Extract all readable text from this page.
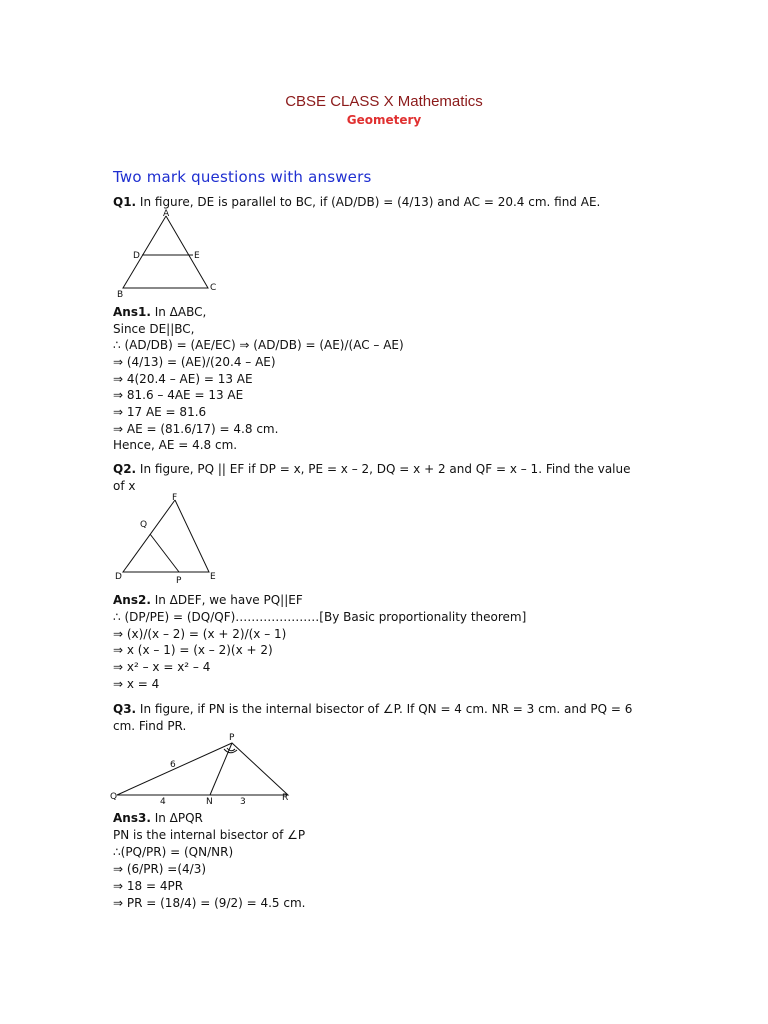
CBSE CLASS X Mathematics
Geometery
Two mark questions with answers
Q1. In figure, DE is parallel to BC, if (AD/DB) = (4/13) and AC = 20.4 cm. find AE.
A
D	E
B
C
Ans1. In ΔABC,
Since DE||BC,
∴ (AD/DB) = (AE/EC) ⇒ (AD/DB) = (AE)/(AC – AE)
⇒ (4/13) = (AE)/(20.4 – AE)
⇒ 4(20.4 – AE) = 13 AE
⇒ 81.6 – 4AE = 13 AE
⇒ 17 AE = 81.6
⇒ AE = (81.6/17) = 4.8 cm.
Hence, AE = 4.8 cm.
Q2. In figure, PQ || EF if DP = x, PE = x – 2, DQ = x + 2 and QF = x – 1. Find the value of x
F
Q
D	P	E
Ans2. In ΔDEF, we have PQ||EF
∴ (DP/PE) = (DQ/QF)…………………[By Basic proportionality theorem]
⇒ (x)/(x – 2) = (x + 2)/(x – 1)
⇒ x (x – 1) = (x – 2)(x + 2)
⇒ x² – x = x² – 4
⇒ x = 4
Q3. In figure, if PN is the internal bisector of ∠P. If QN = 4 cm. NR = 3 cm. and PQ = 6 cm. Find PR.
P
6
Q	4	N	3	R
Ans3. In ΔPQR
PN is the internal bisector of ∠P
∴(PQ/PR) = (QN/NR)
⇒ (6/PR) =(4/3)
⇒ 18 = 4PR
⇒ PR = (18/4) = (9/2) = 4.5 cm.
